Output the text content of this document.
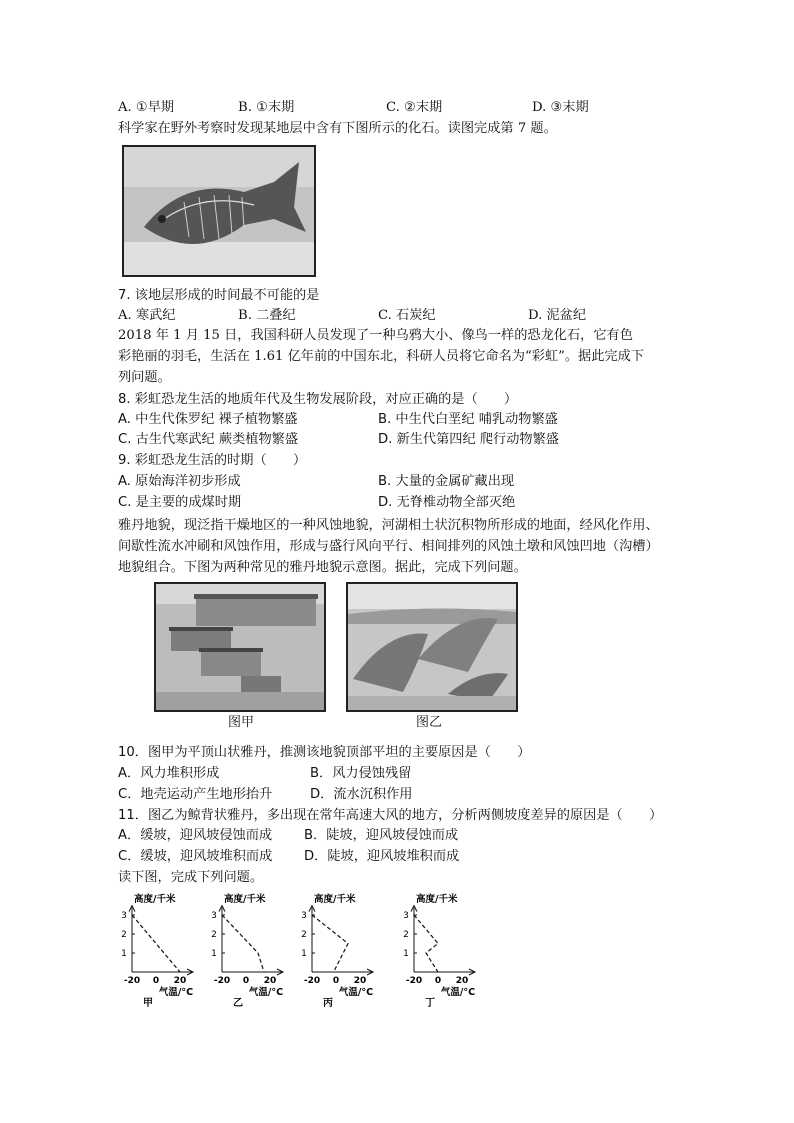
A. ①早期	B. ①末期	C. ②末期	D. ③末期
科学家在野外考察时发现某地层中含有下图所示的化石。读图完成第 7 题。
7. 该地层形成的时间最不可能的是
A. 寒武纪	B. 二叠纪	C. 石炭纪	D. 泥盆纪
2018 年 1 月 15 日，我国科研人员发现了一种乌鸦大小、像鸟一样的恐龙化石，它有色
彩艳丽的羽毛，生活在 1.61 亿年前的中国东北，科研人员将它命名为“彩虹”。据此完成下
列问题。
8. 彩虹恐龙生活的地质年代及生物发展阶段，对应正确的是（　　）
A. 中生代侏罗纪 裸子植物繁盛	B. 中生代白垩纪 哺乳动物繁盛
C. 古生代寒武纪 蕨类植物繁盛	D. 新生代第四纪 爬行动物繁盛
9. 彩虹恐龙生活的时期（　　）
A. 原始海洋初步形成	B. 大量的金属矿藏出现
C. 是主要的成煤时期	D. 无脊椎动物全部灭绝
雅丹地貌，现泛指干燥地区的一种风蚀地貌，河湖相土状沉积物所形成的地面，经风化作用、
间歇性流水冲刷和风蚀作用，形成与盛行风向平行、相间排列的风蚀土墩和风蚀凹地（沟槽）
地貌组合。下图为两种常见的雅丹地貌示意图。据此，完成下列问题。
图甲	图乙
10．图甲为平顶山状雅丹，推测该地貌顶部平坦的主要原因是（　　）
A．风力堆积形成	B．风力侵蚀残留
C．地壳运动产生地形抬升	D．流水沉积作用
11．图乙为鲸背状雅丹，多出现在常年高速大风的地方，分析两侧坡度差异的原因是（　　）
A．缓坡，迎风坡侵蚀而成 B．陡坡，迎风坡侵蚀而成
C．缓坡，迎风坡堆积而成 D．陡坡，迎风坡堆积而成
读下图，完成下列问题。
高度/千米
1
2
3
-20 0 20
气温/°C
甲
高度/千米
1
2
3
-20 0 20
气温/°C
乙
高度/千米
1
2
3
-20 0 20
气温/°C
丙
高度/千米
1
2
3
-20 0 20
气温/°C
丁
